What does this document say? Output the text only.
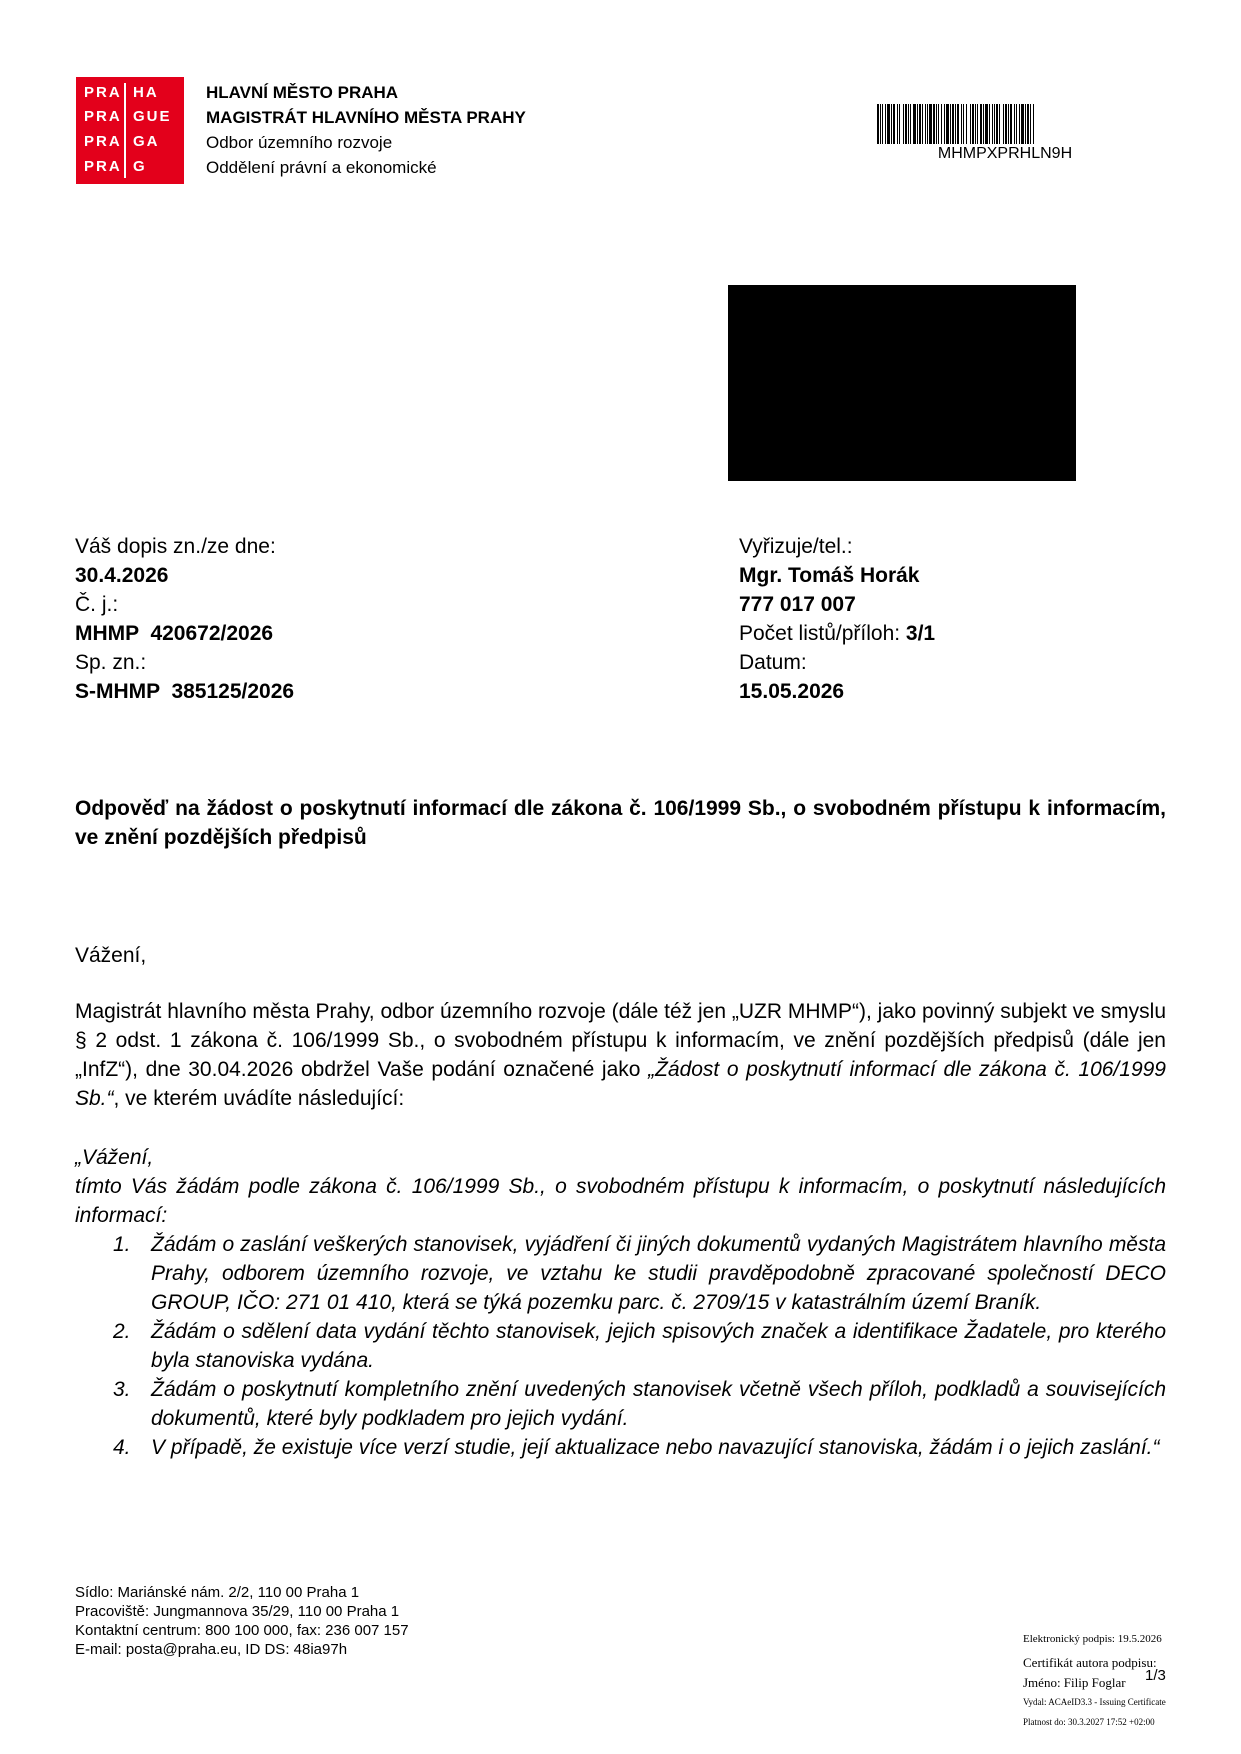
PRA HA
PRA GUE
PRA GA
PRA G
HLAVNÍ MĚSTO PRAHA
MAGISTRÁT HLAVNÍHO MĚSTA PRAHY
Odbor územního rozvoje
Oddělení právní a ekonomické
MHMPXPRHLN9H
Váš dopis zn./ze dne:
30.4.2026
Č. j.:
MHMP  420672/2026
Sp. zn.:
S-MHMP  385125/2026
Vyřizuje/tel.:
Mgr. Tomáš Horák
777 017 007
Počet listů/příloh: 3/1
Datum:
15.05.2026
Odpověď na žádost o poskytnutí informací dle zákona č. 106/1999 Sb., o svobodném přístupu k informacím, ve znění pozdějších předpisů
Vážení,
Magistrát hlavního města Prahy, odbor územního rozvoje (dále též jen „UZR MHMP“), jako povinný subjekt ve smyslu § 2 odst. 1 zákona č. 106/1999 Sb., o svobodném přístupu k informacím, ve znění pozdějších předpisů (dále jen „InfZ“), dne 30.04.2026 obdržel Vaše podání označené jako „Žádost o poskytnutí informací dle zákona č. 106/1999 Sb.“, ve kterém uvádíte následující:

„Vážení,

tímto Vás žádám podle zákona č. 106/1999 Sb., o svobodném přístupu k informacím, o poskytnutí následujících informací:

1. Žádám o zaslání veškerých stanovisek, vyjádření či jiných dokumentů vydaných Magistrátem hlavního města Prahy, odborem územního rozvoje, ve vztahu ke studii pravděpodobně zpracované společností DECO GROUP, IČO: 271 01 410, která se týká pozemku parc. č. 2709/15 v katastrálním území Braník.
2. Žádám o sdělení data vydání těchto stanovisek, jejich spisových značek a identifikace Žadatele, pro kterého byla stanoviska vydána.
3. Žádám o poskytnutí kompletního znění uvedených stanovisek včetně všech příloh, podkladů a souvisejících dokumentů, které byly podkladem pro jejich vydání.
4. V případě, že existuje více verzí studie, její aktualizace nebo navazující stanoviska, žádám i o jejich zaslání.“
Sídlo: Mariánské nám. 2/2, 110 00 Praha 1
Pracoviště: Jungmannova 35/29, 110 00 Praha 1
Kontaktní centrum: 800 100 000, fax: 236 007 157
E-mail: posta@praha.eu, ID DS: 48ia97h
Elektronický podpis: 19.5.2026
Certifikát autora podpisu:
Jméno: Filip Foglar
Vydal: ACAeID3.3 - Issuing Certificate
Platnost do: 30.3.2027 17:52 +02:00
1/3
